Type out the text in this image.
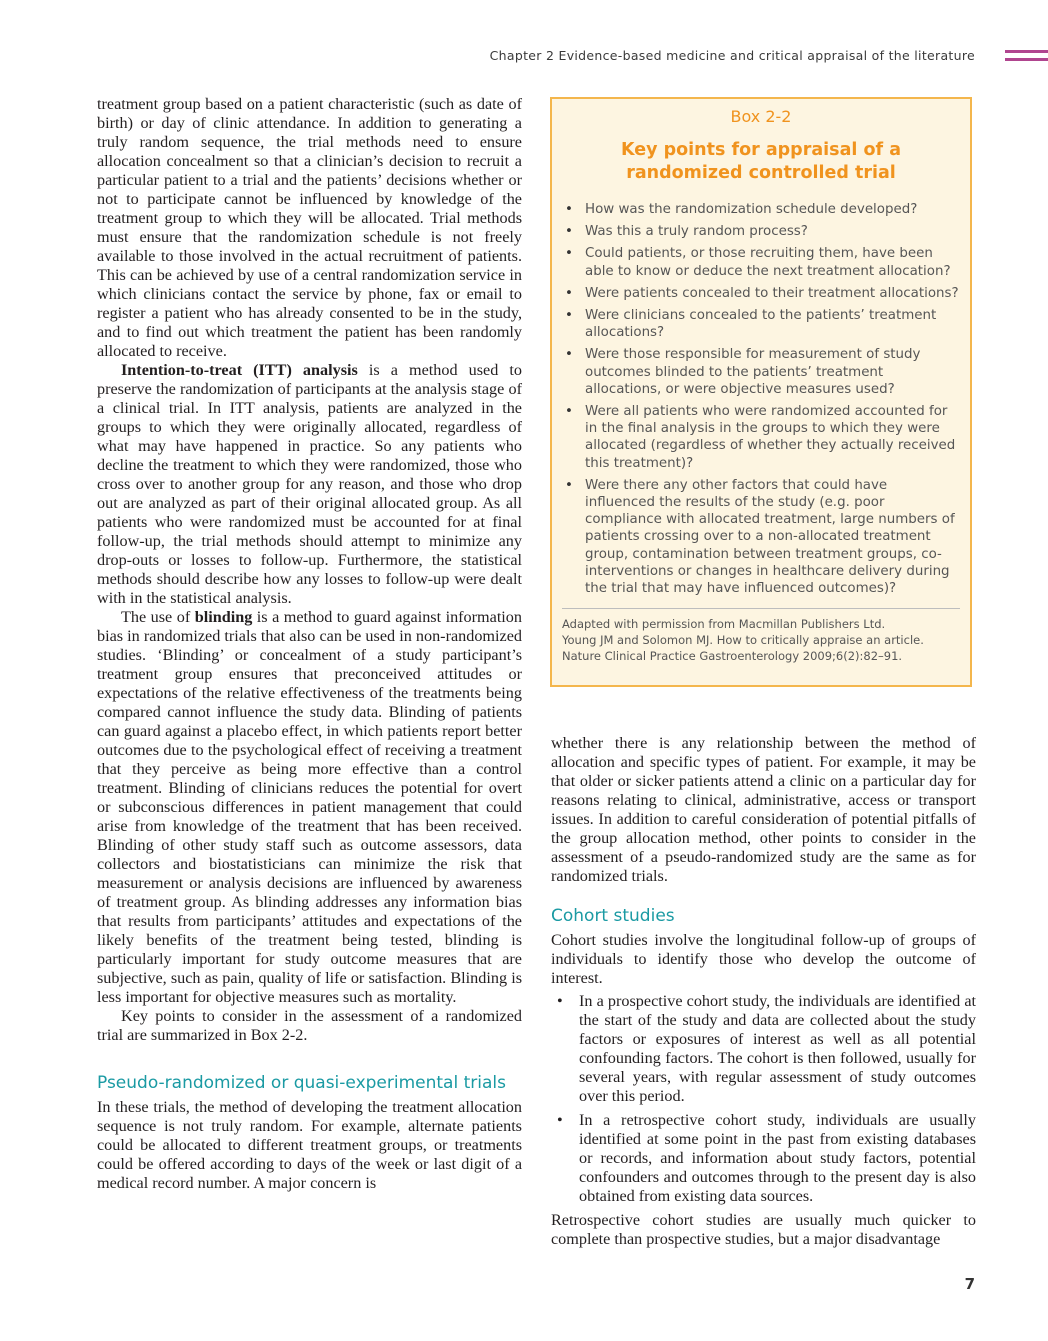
Chapter 2 Evidence-based medicine and critical appraisal of the literature

treatment group based on a patient characteristic (such as date of birth) or day of clinic attendance. In addition to generating a truly random sequence, the trial methods need to ensure allocation concealment so that a clinician’s decision to recruit a particular patient to a trial and the patients’ decisions whether or not to participate cannot be influenced by knowledge of the treatment group to which they will be allocated. Trial methods must ensure that the randomization schedule is not freely available to those involved in the actual recruitment of patients. This can be achieved by use of a central randomization service in which clinicians contact the service by phone, fax or email to register a patient who has already consented to be in the study, and to find out which treatment the patient has been randomly allocated to receive.

Intention-to-treat (ITT) analysis is a method used to preserve the randomization of participants at the analysis stage of a clinical trial. In ITT analysis, patients are analyzed in the groups to which they were originally allocated, regardless of what may have happened in practice. So any patients who decline the treatment to which they were randomized, those who cross over to another group for any reason, and those who drop out are analyzed as part of their original allocated group. As all patients who were randomized must be accounted for at final follow-up, the trial methods should attempt to minimize any drop-outs or losses to follow-up. Furthermore, the statistical methods should describe how any losses to follow-up were dealt with in the statistical analysis.

The use of blinding is a method to guard against information bias in randomized trials that also can be used in non-randomized studies. ‘Blinding’ or concealment of a study participant’s treatment group ensures that preconceived attitudes or expectations of the relative effectiveness of the treatments being compared cannot influence the study data. Blinding of patients can guard against a placebo effect, in which patients report better outcomes due to the psychological effect of receiving a treatment that they perceive as being more effective than a control treatment. Blinding of clinicians reduces the potential for overt or subconscious differences in patient management that could arise from knowledge of the treatment that has been received. Blinding of other study staff such as outcome assessors, data collectors and biostatisticians can minimize the risk that measurement or analysis decisions are influenced by awareness of treatment group. As blinding addresses any information bias that results from participants’ attitudes and expectations of the likely benefits of the treatment being tested, blinding is particularly important for study outcome measures that are subjective, such as pain, quality of life or satisfaction. Blinding is less important for objective measures such as mortality.

Key points to consider in the assessment of a randomized trial are summarized in Box 2-2.

Pseudo-randomized or quasi-experimental trials

In these trials, the method of developing the treatment allocation sequence is not truly random. For example, alternate patients could be allocated to different treatment groups, or treatments could be offered according to days of the week or last digit of a medical record number. A major concern is

Box 2-2
Key points for appraisal of a randomized controlled trial
• How was the randomization schedule developed?
• Was this a truly random process?
• Could patients, or those recruiting them, have been able to know or deduce the next treatment allocation?
• Were patients concealed to their treatment allocations?
• Were clinicians concealed to the patients’ treatment allocations?
• Were those responsible for measurement of study outcomes blinded to the patients’ treatment allocations, or were objective measures used?
• Were all patients who were randomized accounted for in the final analysis in the groups to which they were allocated (regardless of whether they actually received this treatment)?
• Were there any other factors that could have influenced the results of the study (e.g. poor compliance with allocated treatment, large numbers of patients crossing over to a non-allocated treatment group, contamination between treatment groups, co-interventions or changes in healthcare delivery during the trial that may have influenced outcomes)?
Adapted with permission from Macmillan Publishers Ltd.
Young JM and Solomon MJ. How to critically appraise an article.
Nature Clinical Practice Gastroenterology 2009;6(2):82–91.

whether there is any relationship between the method of allocation and specific types of patient. For example, it may be that older or sicker patients attend a clinic on a particular day for reasons relating to clinical, administrative, access or transport issues. In addition to careful consideration of potential pitfalls of the group allocation method, other points to consider in the assessment of a pseudo-randomized study are the same as for randomized trials.

Cohort studies

Cohort studies involve the longitudinal follow-up of groups of individuals to identify those who develop the outcome of interest.

• In a prospective cohort study, the individuals are identified at the start of the study and data are collected about the study factors or exposures of interest as well as all potential confounding factors. The cohort is then followed, usually for several years, with regular assessment of study outcomes over this period.
• In a retrospective cohort study, individuals are usually identified at some point in the past from existing databases or records, and information about study factors, potential confounders and outcomes through to the present day is also obtained from existing data sources.

Retrospective cohort studies are usually much quicker to complete than prospective studies, but a major disadvantage

7
